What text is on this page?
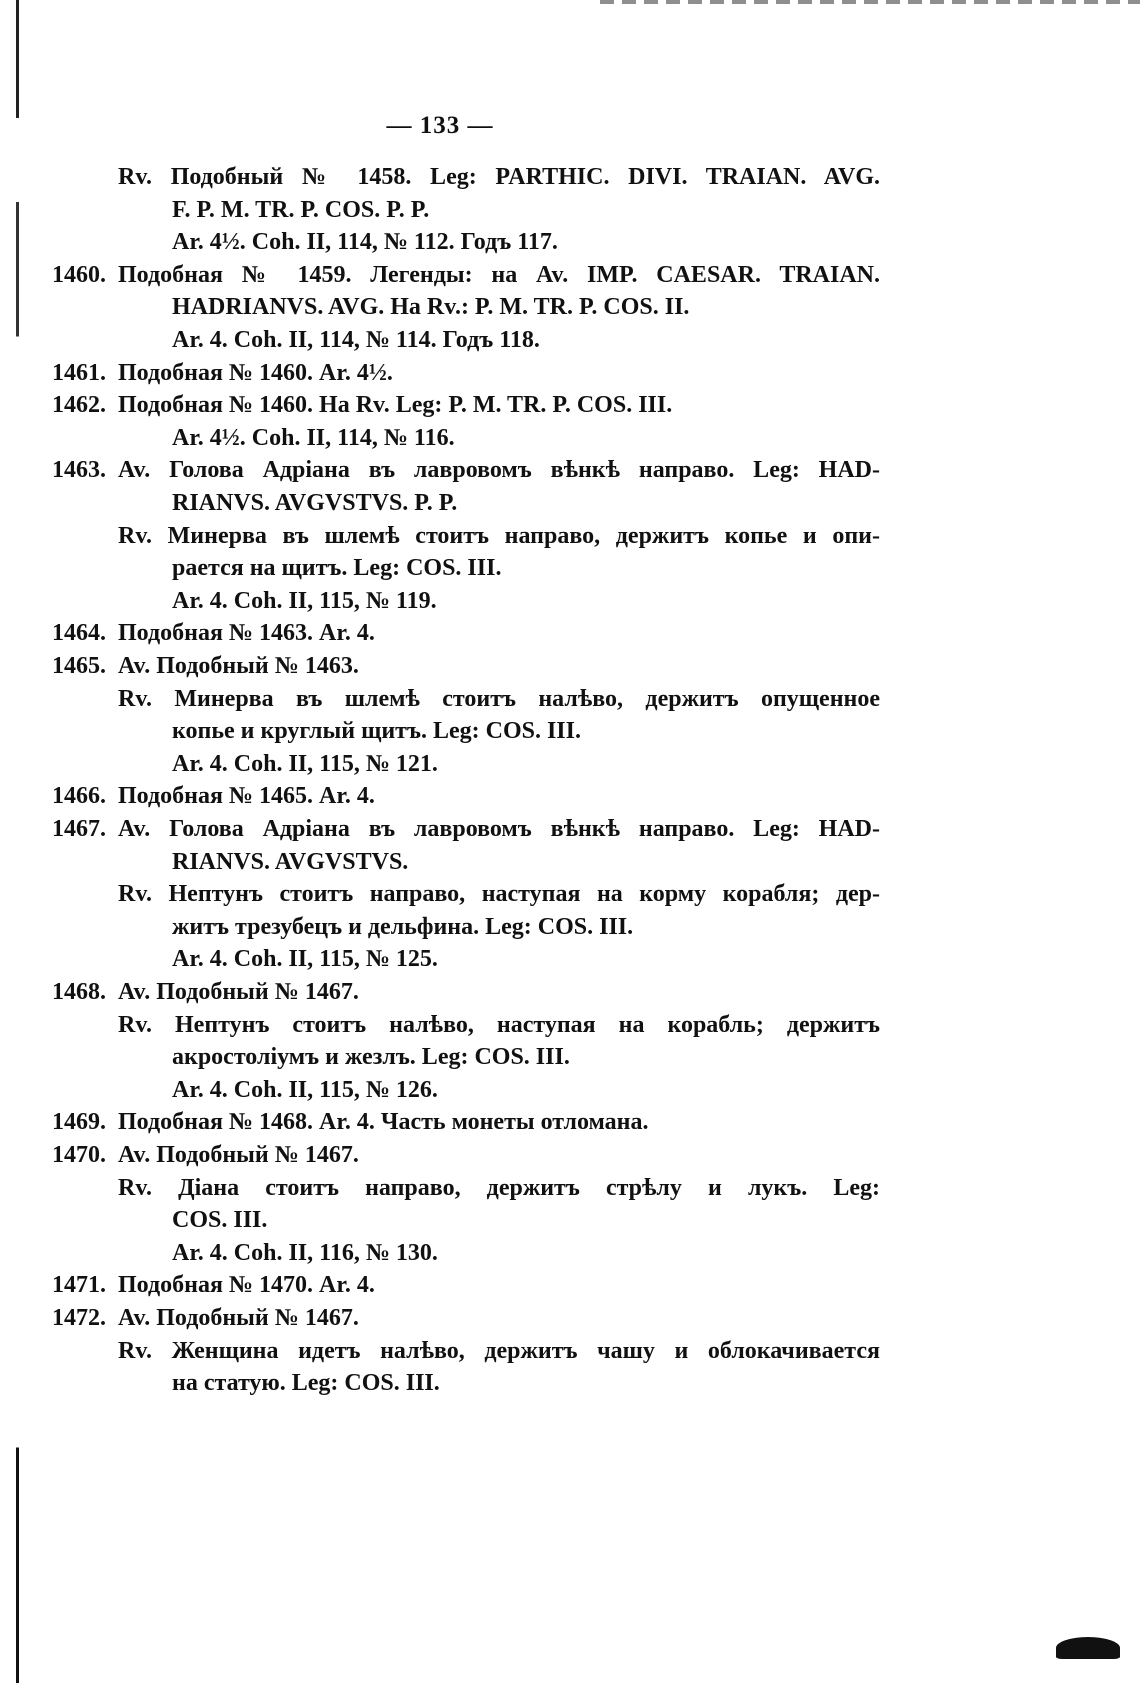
— 133 —
Rv. Подобный № 1458. Leg: PARTHIC. DIVI. TRAIAN. AVG.
F. P. M. TR. P. COS. P. P.
Ar. 4½. Coh. II, 114, № 112. Годъ 117.
1460. Подобная № 1459. Легенды: на Av. IMP. CAESAR. TRAIAN.
HADRIANVS. AVG. На Rv.: P. M. TR. P. COS. II.
Ar. 4. Coh. II, 114, № 114. Годъ 118.
1461. Подобная № 1460. Ar. 4½.
1462. Подобная № 1460. На Rv. Leg: P. M. TR. P. COS. III.
Ar. 4½. Coh. II, 114, № 116.
1463. Av. Голова Адріана въ лавровомъ вѣнкѣ направо. Leg: HAD-
RIANVS. AVGVSTVS. P. P.
Rv. Минерва въ шлемѣ стоитъ направо, держитъ копье и опи-
рается на щитъ. Leg: COS. III.
Ar. 4. Coh. II, 115, № 119.
1464. Подобная № 1463. Ar. 4.
1465. Av. Подобный № 1463.
Rv. Минерва въ шлемѣ стоитъ налѣво, держитъ опущенное
копье и круглый щитъ. Leg: COS. III.
Ar. 4. Coh. II, 115, № 121.
1466. Подобная № 1465. Ar. 4.
1467. Av. Голова Адріана въ лавровомъ вѣнкѣ направо. Leg: HAD-
RIANVS. AVGVSTVS.
Rv. Нептунъ стоитъ направо, наступая на корму корабля; дер-
житъ трезубецъ и дельфина. Leg: COS. III.
Ar. 4. Coh. II, 115, № 125.
1468. Av. Подобный № 1467.
Rv. Нептунъ стоитъ налѣво, наступая на корабль; держитъ
акростоліумъ и жезлъ. Leg: COS. III.
Ar. 4. Coh. II, 115, № 126.
1469. Подобная № 1468. Ar. 4. Часть монеты отломана.
1470. Av. Подобный № 1467.
Rv. Діана стоитъ направо, держитъ стрѣлу и лукъ. Leg:
COS. III.
Ar. 4. Coh. II, 116, № 130.
1471. Подобная № 1470. Ar. 4.
1472. Av. Подобный № 1467.
Rv. Женщина идетъ налѣво, держитъ чашу и облокачивается
на статую. Leg: COS. III.
